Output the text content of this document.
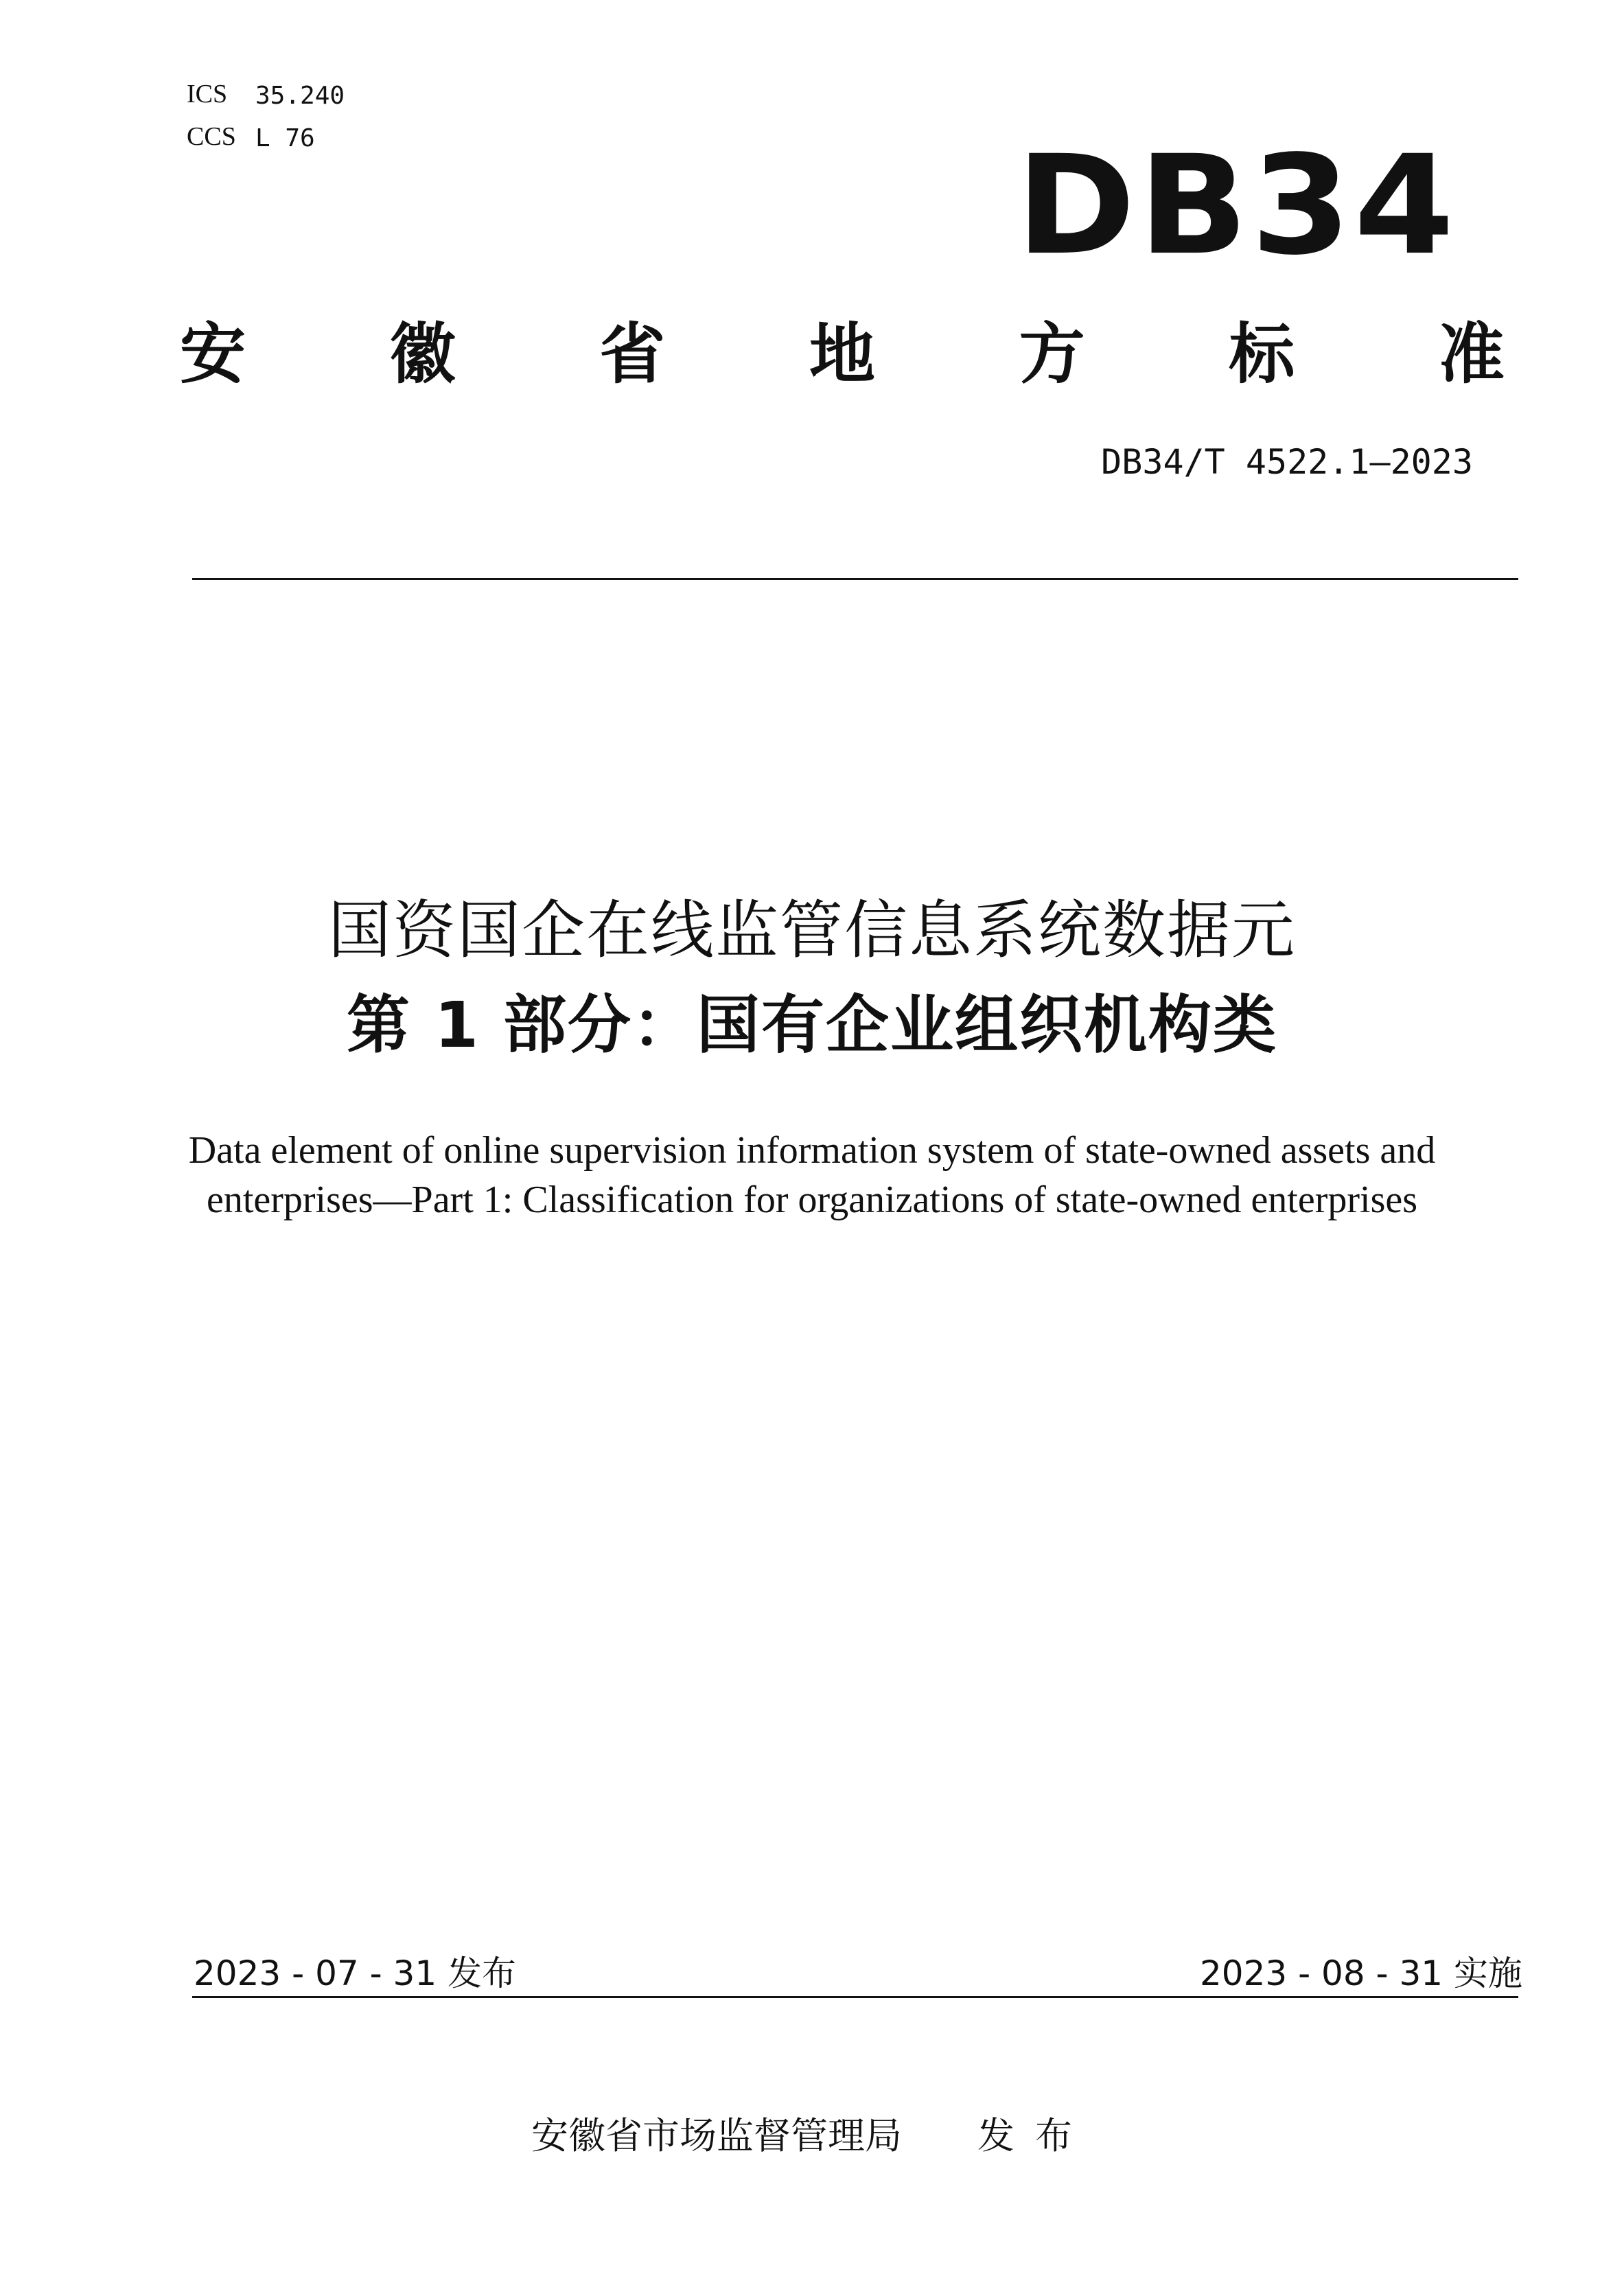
ICS 35.240
CCS L 76	DB34
安 徽 省 地 方 标 准
DB34/T 4522.1—2023
国资国企在线监管信息系统数据元
第 1 部分：国有企业组织机构类
Data element of online supervision information system of state-owned assets and
enterprises—Part 1: Classification for organizations of state-owned enterprises
2023 - 07 - 31 发布	2023 - 08 - 31 实施
安徽省市场监督管理局 发布
